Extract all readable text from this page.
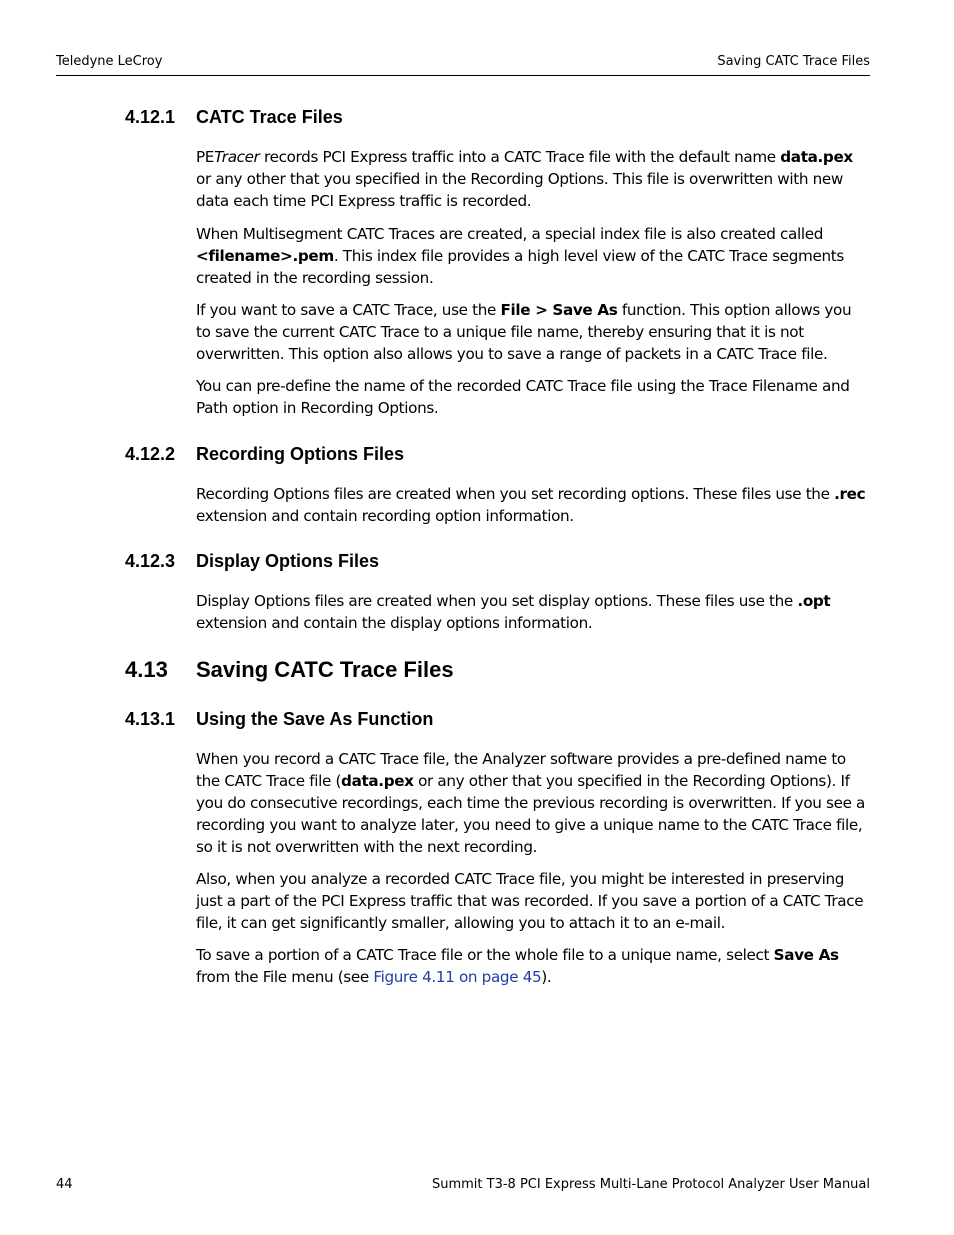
Teledyne LeCroy	Saving CATC Trace Files
4.12.1 CATC Trace Files

PETracer records PCI Express traffic into a CATC Trace file with the default name data.pex or any other that you specified in the Recording Options. This file is overwritten with new data each time PCI Express traffic is recorded.

When Multisegment CATC Traces are created, a special index file is also created called <filename>.pem. This index file provides a high level view of the CATC Trace segments created in the recording session.

If you want to save a CATC Trace, use the File > Save As function. This option allows you to save the current CATC Trace to a unique file name, thereby ensuring that it is not overwritten. This option also allows you to save a range of packets in a CATC Trace file.

You can pre-define the name of the recorded CATC Trace file using the Trace Filename and Path option in Recording Options.

4.12.2 Recording Options Files

Recording Options files are created when you set recording options. These files use the .rec extension and contain recording option information.

4.12.3 Display Options Files

Display Options files are created when you set display options. These files use the .opt extension and contain the display options information.

4.13 Saving CATC Trace Files
4.13.1 Using the Save As Function

When you record a CATC Trace file, the Analyzer software provides a pre-defined name to the CATC Trace file (data.pex or any other that you specified in the Recording Options). If you do consecutive recordings, each time the previous recording is overwritten. If you see a recording you want to analyze later, you need to give a unique name to the CATC Trace file, so it is not overwritten with the next recording.

Also, when you analyze a recorded CATC Trace file, you might be interested in preserving just a part of the PCI Express traffic that was recorded. If you save a portion of a CATC Trace file, it can get significantly smaller, allowing you to attach it to an e-mail.

To save a portion of a CATC Trace file or the whole file to a unique name, select Save As from the File menu (see Figure 4.11 on page 45).

44	Summit T3-8 PCI Express Multi-Lane Protocol Analyzer User Manual
